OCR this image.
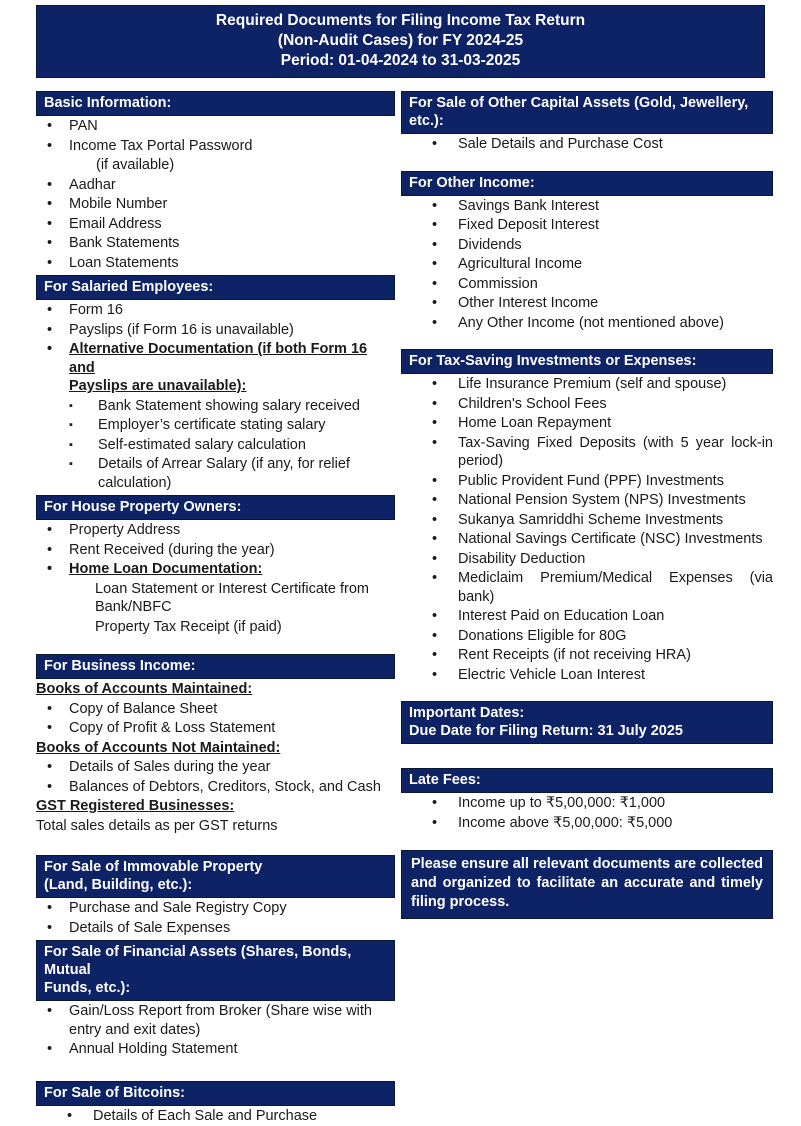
Required Documents for Filing Income Tax Return
(Non-Audit Cases) for FY 2024-25
Period: 01-04-2024 to 31-03-2025
Basic Information:
• PAN
• Income Tax Portal Password
(if available)
• Aadhar
• Mobile Number
• Email Address
• Bank Statements
• Loan Statements
For Salaried Employees:
• Form 16
• Payslips (if Form 16 is unavailable)
• Alternative Documentation (if both Form 16 and
Payslips are unavailable):
▪ Bank Statement showing salary received
▪ Employer’s certificate stating salary
▪ Self-estimated salary calculation
▪ Details of Arrear Salary (if any, for relief
calculation)
For House Property Owners:
• Property Address
• Rent Received (during the year)
• Home Loan Documentation:
Loan Statement or Interest Certificate from
Bank/NBFC
Property Tax Receipt (if paid)
For Business Income:
Books of Accounts Maintained:
• Copy of Balance Sheet
• Copy of Profit & Loss Statement
Books of Accounts Not Maintained:
• Details of Sales during the year
• Balances of Debtors, Creditors, Stock, and Cash
GST Registered Businesses:
Total sales details as per GST returns
For Sale of Immovable Property
(Land, Building, etc.):
• Purchase and Sale Registry Copy
• Details of Sale Expenses
For Sale of Financial Assets (Shares, Bonds, Mutual
Funds, etc.):
• Gain/Loss Report from Broker (Share wise with
entry and exit dates)
• Annual Holding Statement
For Sale of Bitcoins:
• Details of Each Sale and Purchase
For Sale of Other Capital Assets (Gold, Jewellery, etc.):
• Sale Details and Purchase Cost
For Other Income:
• Savings Bank Interest
• Fixed Deposit Interest
• Dividends
• Agricultural Income
• Commission
• Other Interest Income
• Any Other Income (not mentioned above)
For Tax-Saving Investments or Expenses:
• Life Insurance Premium (self and spouse)
• Children's School Fees
• Home Loan Repayment
• Tax-Saving Fixed Deposits (with 5 year lock-in period)
• Public Provident Fund (PPF) Investments
• National Pension System (NPS) Investments
• Sukanya Samriddhi Scheme Investments
• National Savings Certificate (NSC) Investments
• Disability Deduction
• Mediclaim Premium/Medical Expenses (via bank)
• Interest Paid on Education Loan
• Donations Eligible for 80G
• Rent Receipts (if not receiving HRA)
• Electric Vehicle Loan Interest
Important Dates:
Due Date for Filing Return: 31 July 2025
Late Fees:
• Income up to ₹5,00,000: ₹1,000
• Income above ₹5,00,000: ₹5,000
Please ensure all relevant documents are collected and organized to facilitate an accurate and timely filing process.
